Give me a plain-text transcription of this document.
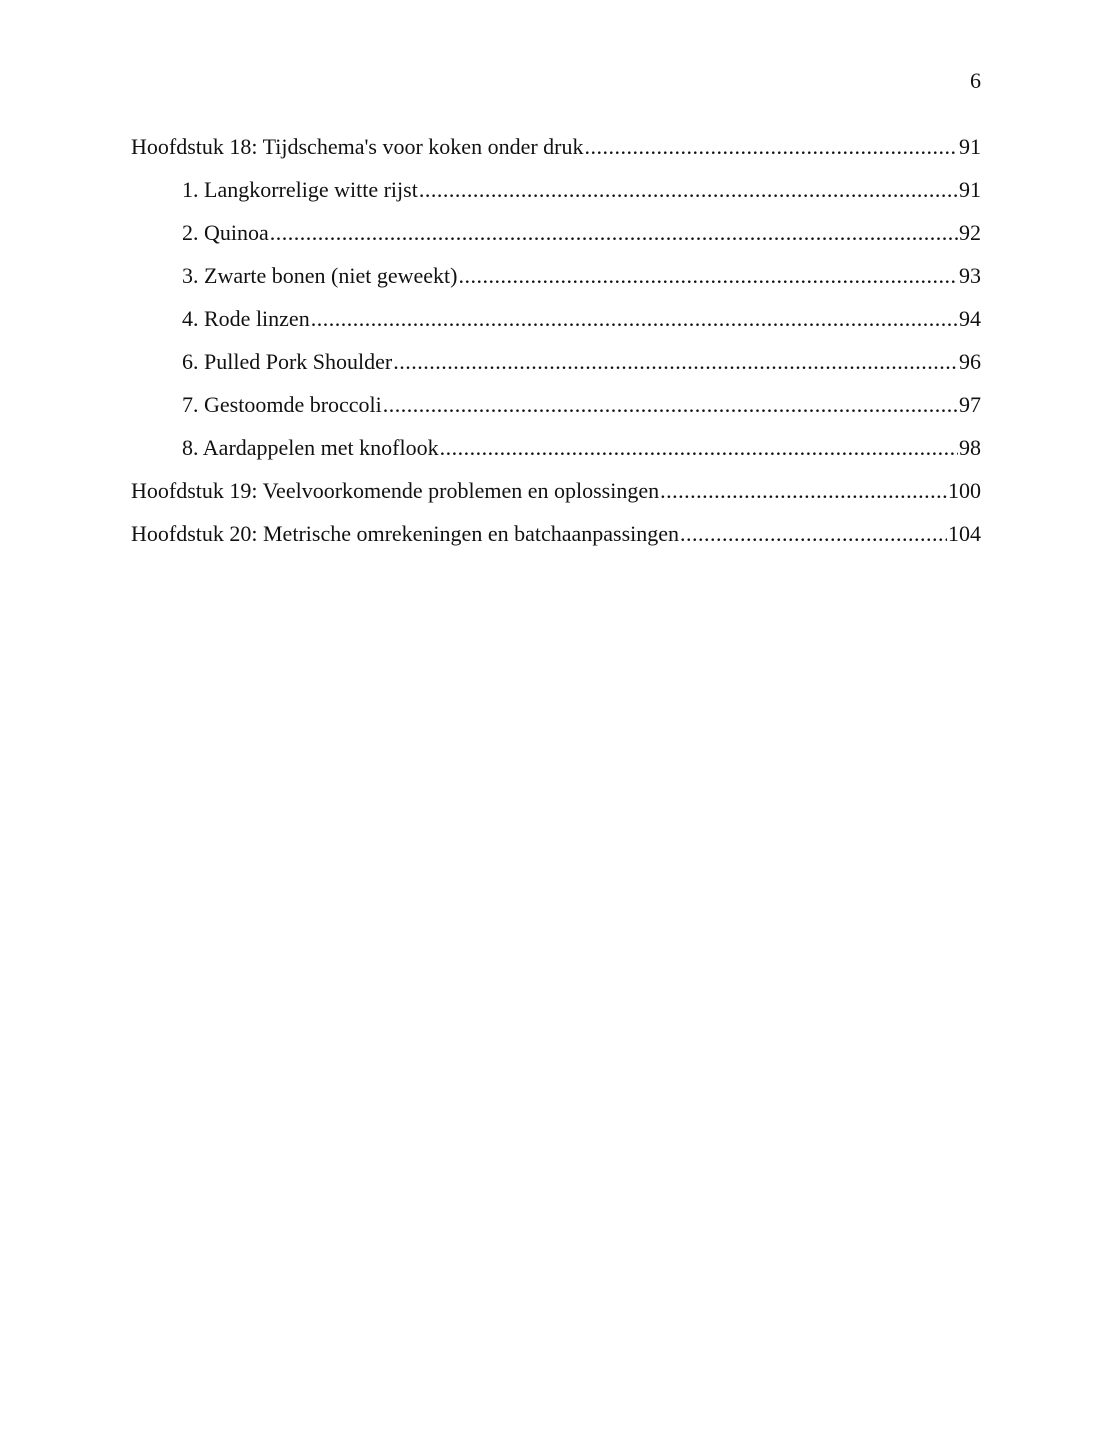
6
Hoofdstuk 18: Tijdschema's voor koken onder druk .....	91
1. Langkorrelige witte rijst .....	91
2. Quinoa .....	92
3. Zwarte bonen (niet geweekt) .....	93
4. Rode linzen .....	94
6. Pulled Pork Shoulder .....	96
7. Gestoomde broccoli .....	97
8. Aardappelen met knoflook .....	98
Hoofdstuk 19: Veelvoorkomende problemen en oplossingen .....	100
Hoofdstuk 20: Metrische omrekeningen en batchaanpassingen .....	104
